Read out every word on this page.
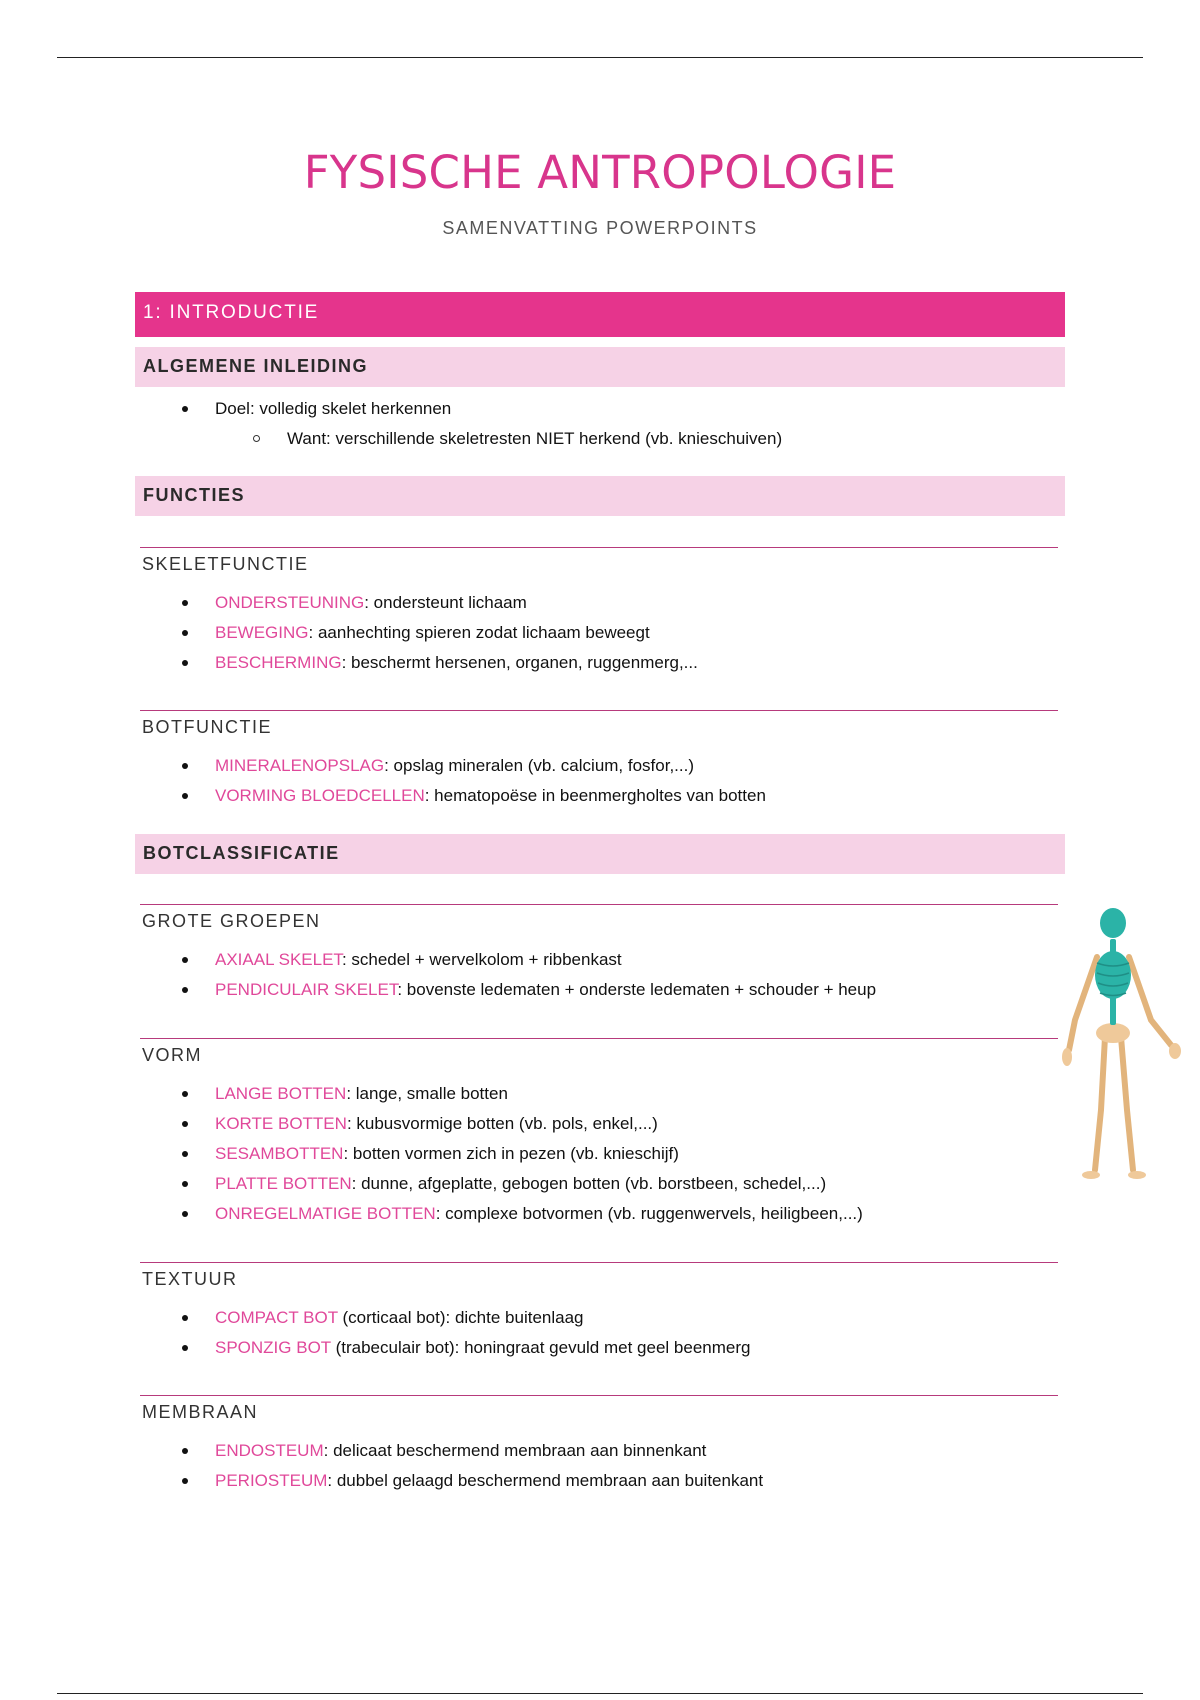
FYSISCHE ANTROPOLOGIE
SAMENVATTING POWERPOINTS
1: INTRODUCTIE
ALGEMENE INLEIDING
Doel: volledig skelet herkennen
Want: verschillende skeletresten NIET herkend (vb. knieschuiven)
FUNCTIES
SKELETFUNCTIE
ONDERSTEUNING: ondersteunt lichaam
BEWEGING: aanhechting spieren zodat lichaam beweegt
BESCHERMING: beschermt hersenen, organen, ruggenmerg,...
BOTFUNCTIE
MINERALENOPSLAG: opslag mineralen (vb. calcium, fosfor,...)
VORMING BLOEDCELLEN: hematopoëse in beenmergholtes van botten
BOTCLASSIFICATIE
GROTE GROEPEN
AXIAAL SKELET: schedel + wervelkolom + ribbenkast
PENDICULAIR SKELET: bovenste ledematen + onderste ledematen + schouder + heup
VORM
LANGE BOTTEN: lange, smalle botten
KORTE BOTTEN: kubusvormige botten (vb. pols, enkel,...)
SESAMBOTTEN: botten vormen zich in pezen (vb. knieschijf)
PLATTE BOTTEN: dunne, afgeplatte, gebogen botten (vb. borstbeen, schedel,...)
ONREGELMATIGE BOTTEN: complexe botvormen (vb. ruggenwervels, heiligbeen,...)
TEXTUUR
COMPACT BOT (corticaal bot): dichte buitenlaag
SPONZIG BOT (trabeculair bot): honingraat gevuld met geel beenmerg
MEMBRAAN
ENDOSTEUM: delicaat beschermend membraan aan binnenkant
PERIOSTEUM: dubbel gelaagd beschermend membraan aan buitenkant
